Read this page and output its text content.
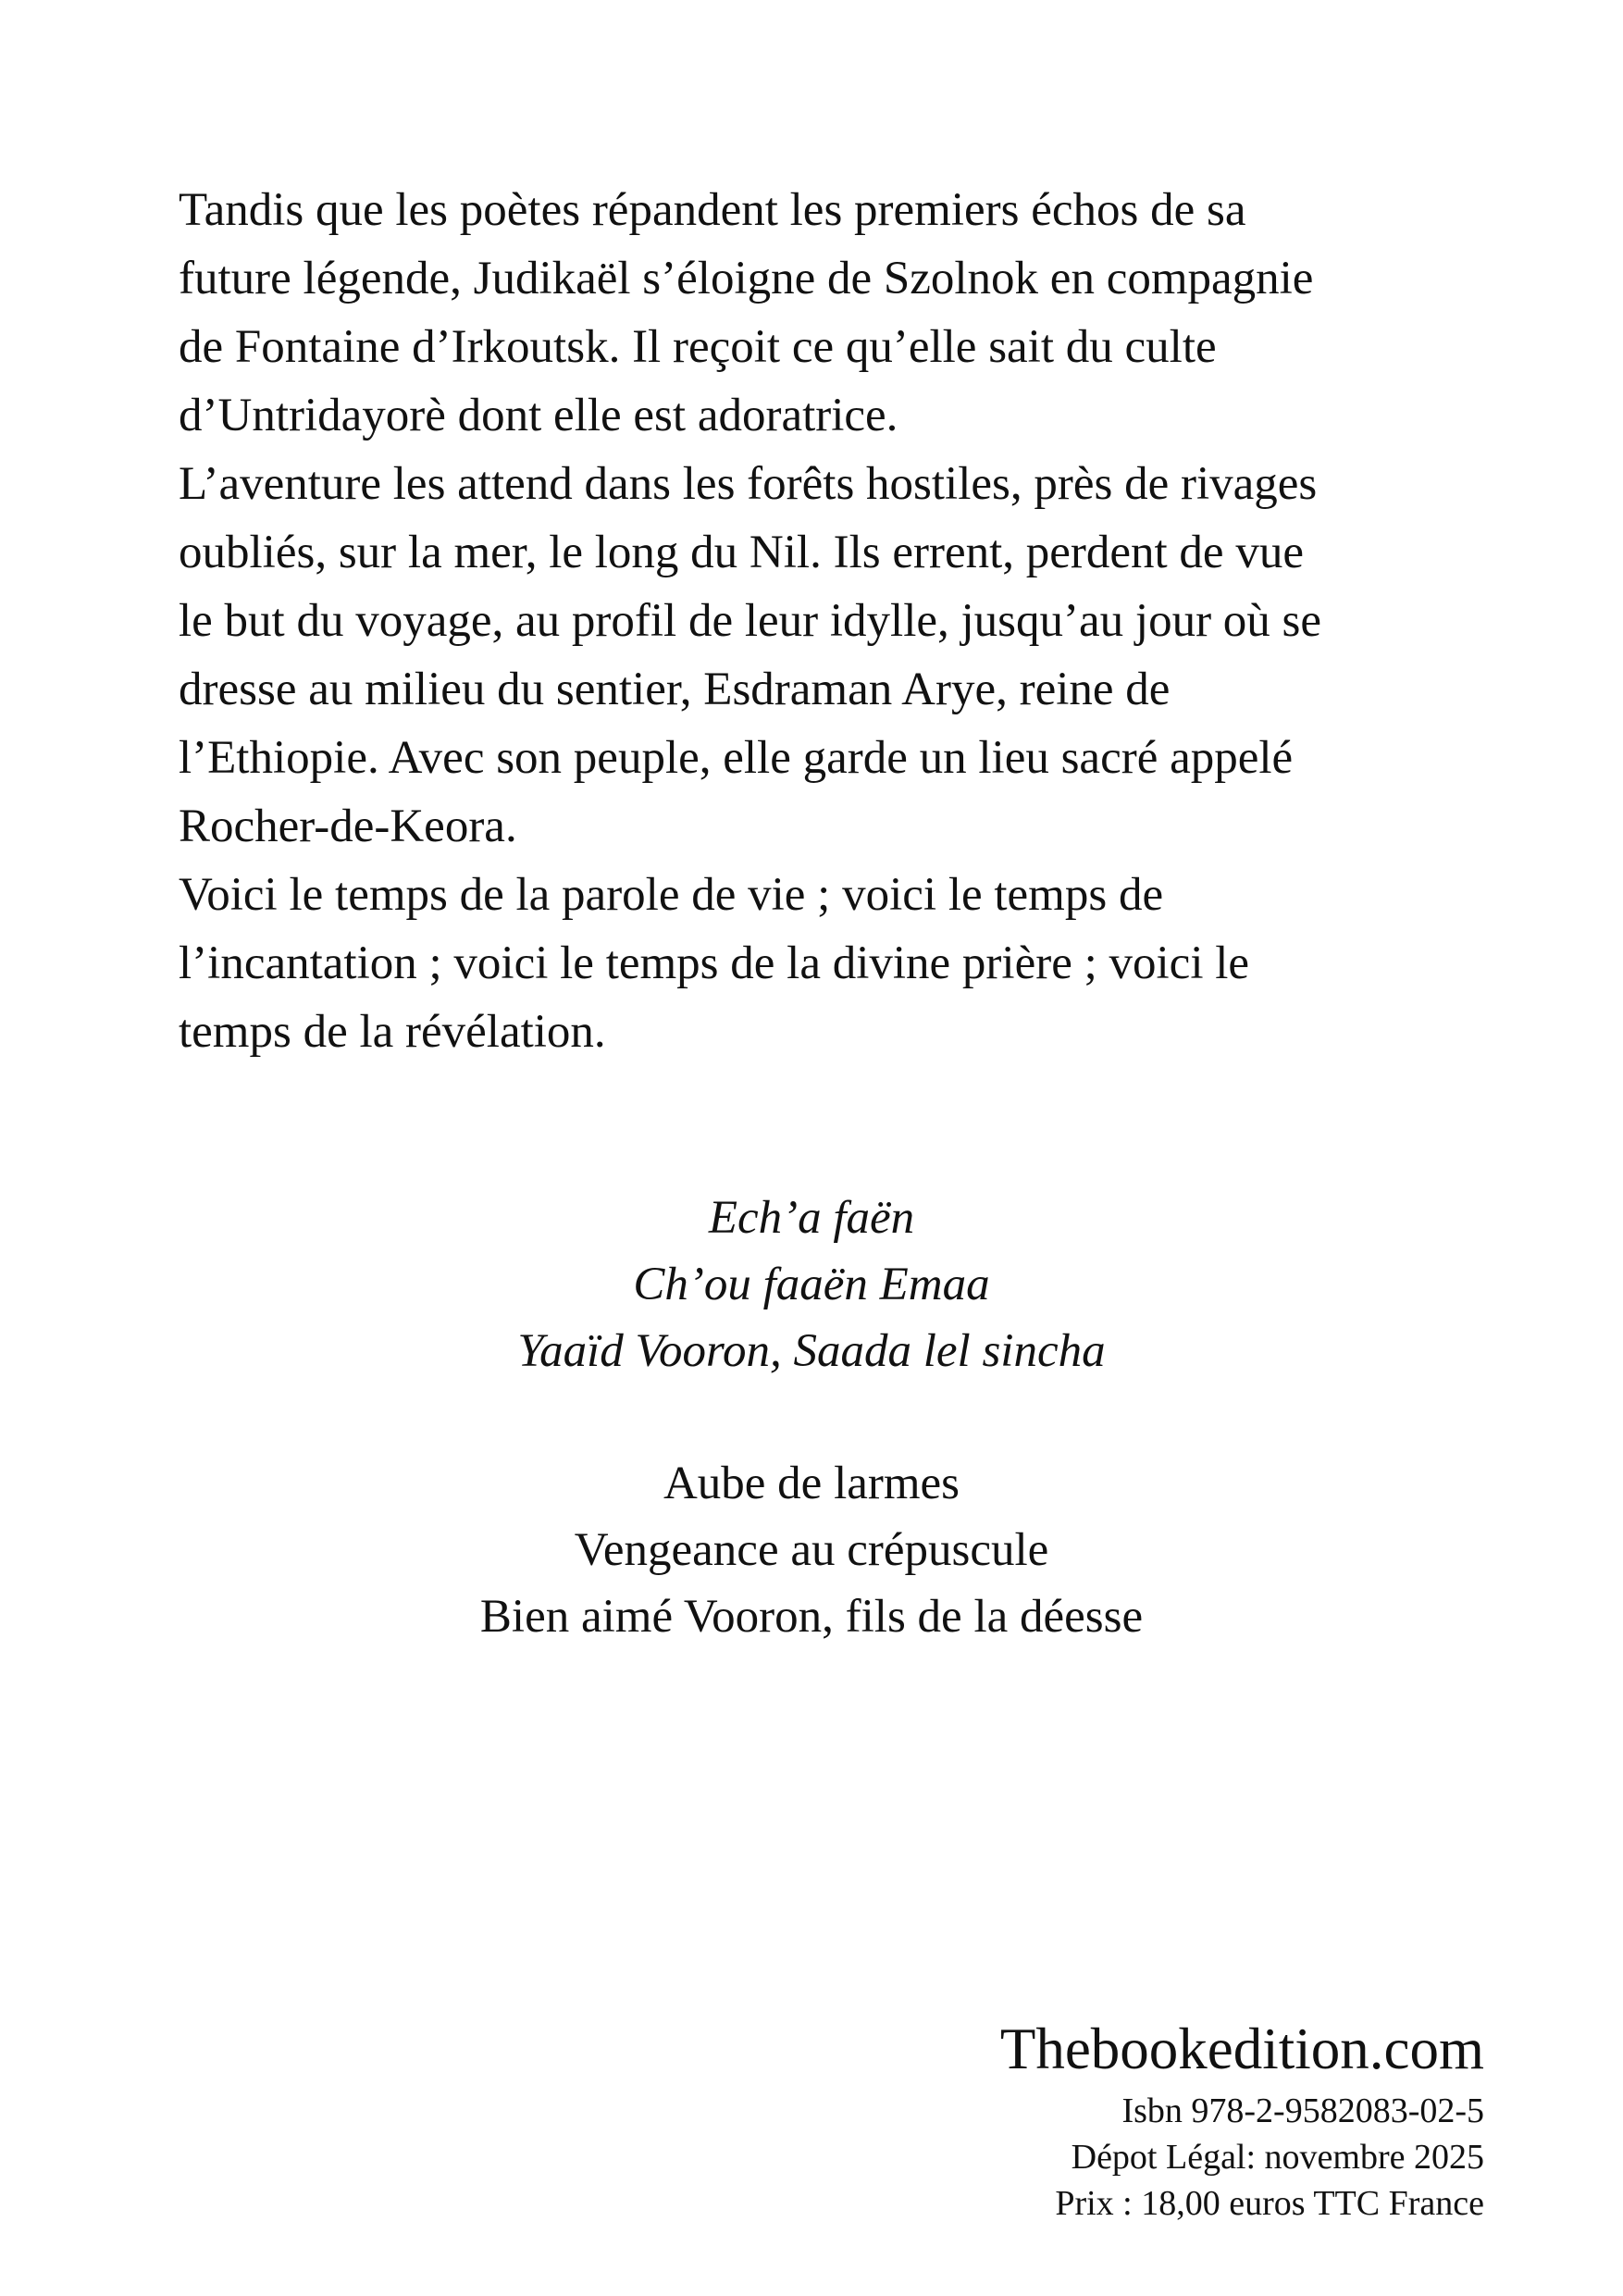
Tandis que les poètes répandent les premiers échos de sa
future légende, Judikaël s’éloigne de Szolnok en compagnie
de Fontaine d’Irkoutsk. Il reçoit ce qu’elle sait du culte
d’Untridayorè dont elle est adoratrice.

L’aventure les attend dans les forêts hostiles, près de rivages
oubliés, sur la mer, le long du Nil. Ils errent, perdent de vue
le but du voyage, au profil de leur idylle, jusqu’au jour où se
dresse au milieu du sentier, Esdraman Arye, reine de
l’Ethiopie. Avec son peuple, elle garde un lieu sacré appelé
Rocher-de-Keora.

Voici le temps de la parole de vie ; voici le temps de
l’incantation ; voici le temps de la divine prière ; voici le
temps de la révélation.

Ech’a faën
Ch’ou faaën Emaa
Yaaïd Vooron, Saada lel sincha
Aube de larmes
Vengeance au crépuscule
Bien aimé Vooron, fils de la déesse
Thebookedition.com
Isbn 978-2-9582083-02-5
Dépot Légal: novembre 2025
Prix : 18,00 euros TTC France
